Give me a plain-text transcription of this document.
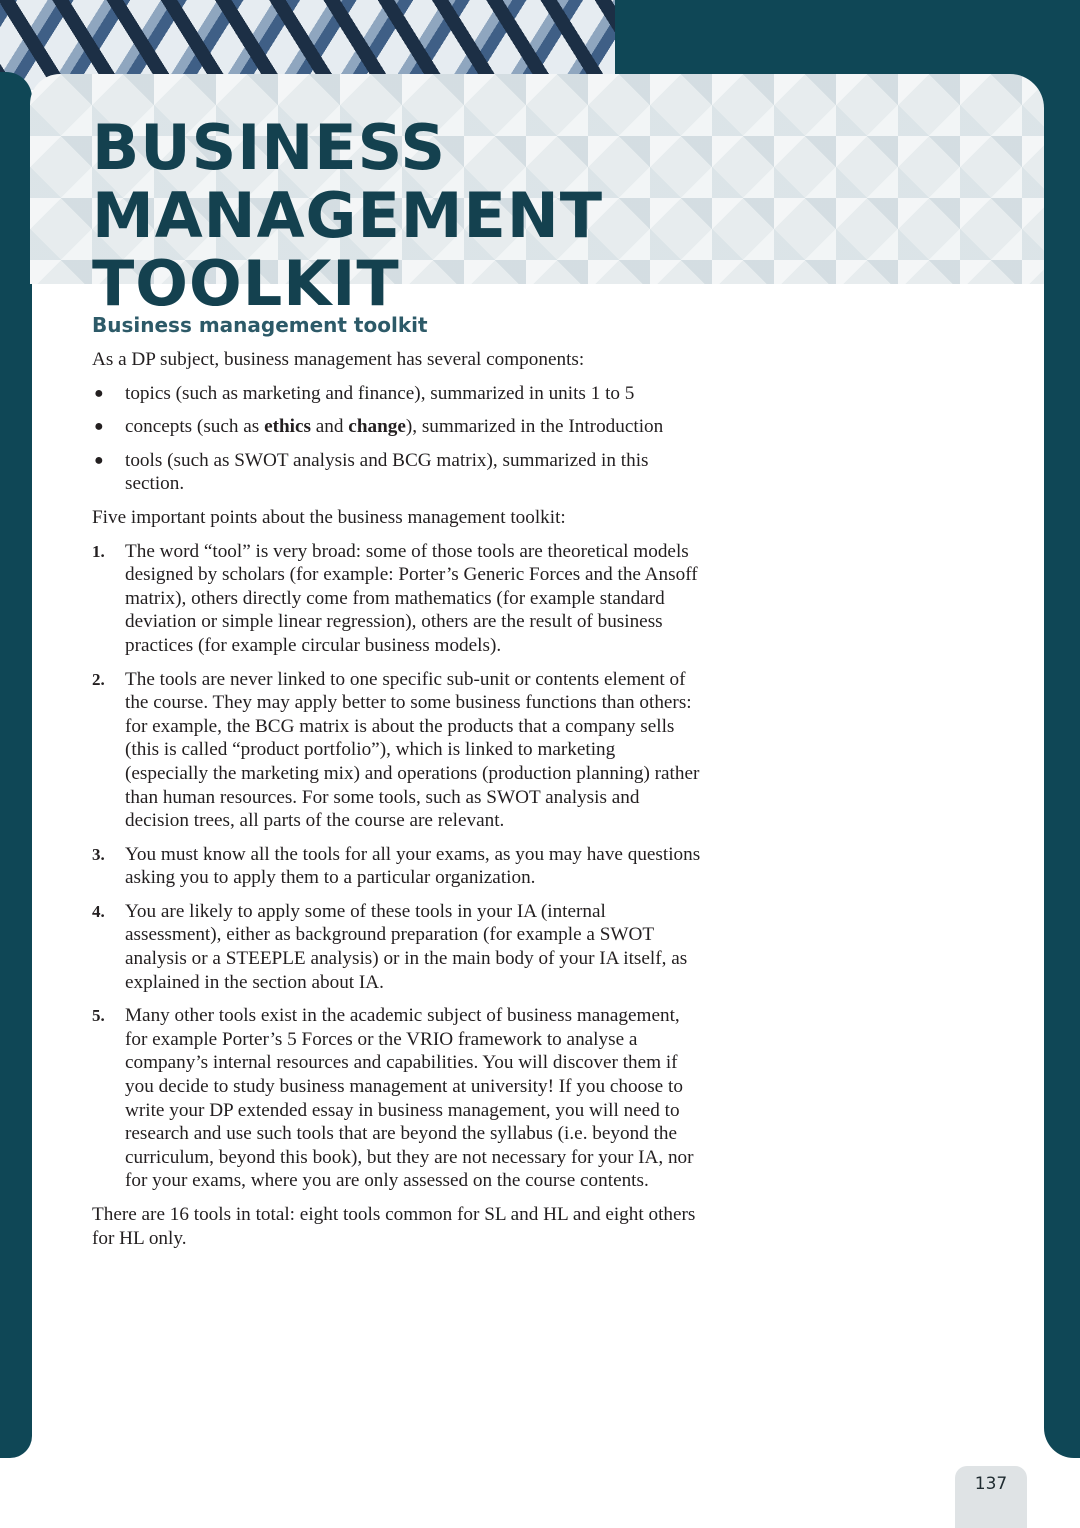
BUSINESS MANAGEMENT
TOOLKIT
Business management toolkit

As a DP subject, business management has several components:

● topics (such as marketing and finance), summarized in units 1 to 5
● concepts (such as ethics and change), summarized in the Introduction
● tools (such as SWOT analysis and BCG matrix), summarized in this section.

Five important points about the business management toolkit:

1. The word “tool” is very broad: some of those tools are theoretical models designed by scholars (for example: Porter’s Generic Forces and the Ansoff matrix), others directly come from mathematics (for example standard deviation or simple linear regression), others are the result of business practices (for example circular business models).
2. The tools are never linked to one specific sub-unit or contents element of the course. They may apply better to some business functions than others: for example, the BCG matrix is about the products that a company sells (this is called “product portfolio”), which is linked to marketing (especially the marketing mix) and operations (production planning) rather than human resources. For some tools, such as SWOT analysis and decision trees, all parts of the course are relevant.
3. You must know all the tools for all your exams, as you may have questions asking you to apply them to a particular organization.
4. You are likely to apply some of these tools in your IA (internal assessment), either as background preparation (for example a SWOT analysis or a STEEPLE analysis) or in the main body of your IA itself, as explained in the section about IA.
5. Many other tools exist in the academic subject of business management, for example Porter’s 5 Forces or the VRIO framework to analyse a company’s internal resources and capabilities. You will discover them if you decide to study business management at university! If you choose to write your DP extended essay in business management, you will need to research and use such tools that are beyond the syllabus (i.e. beyond the curriculum, beyond this book), but they are not necessary for your IA, nor for your exams, where you are only assessed on the course contents.

There are 16 tools in total: eight tools common for SL and HL and eight others for HL only.

137
